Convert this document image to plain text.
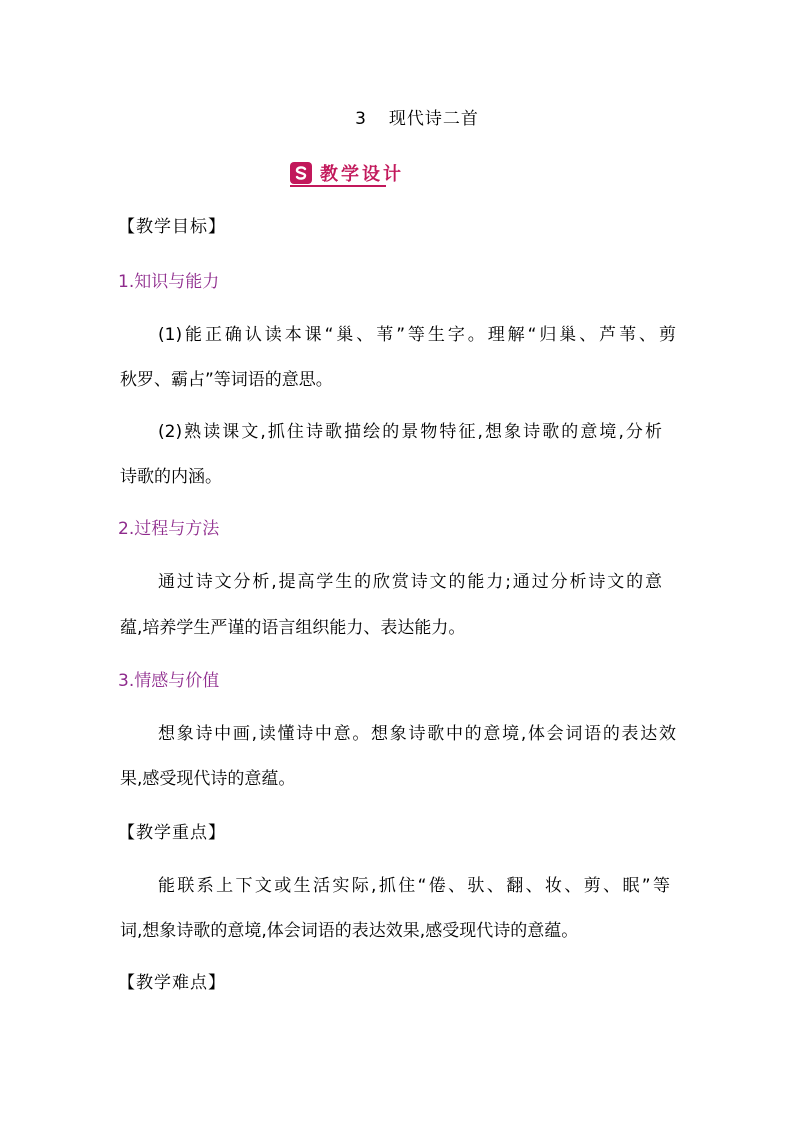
3 现代诗二首
教学设计
【教学目标】
1.知识与能力
(1)能正确认读本课“巢、苇”等生字。理解“归巢、芦苇、剪
秋罗、霸占”等词语的意思。
(2)熟读课文,抓住诗歌描绘的景物特征,想象诗歌的意境,分析
诗歌的内涵。
2.过程与方法
通过诗文分析,提高学生的欣赏诗文的能力;通过分析诗文的意
蕴,培养学生严谨的语言组织能力、表达能力。
3.情感与价值
想象诗中画,读懂诗中意。想象诗歌中的意境,体会词语的表达效
果,感受现代诗的意蕴。
【教学重点】
能联系上下文或生活实际,抓住“倦、驮、翻、妆、剪、眠”等
词,想象诗歌的意境,体会词语的表达效果,感受现代诗的意蕴。
【教学难点】
